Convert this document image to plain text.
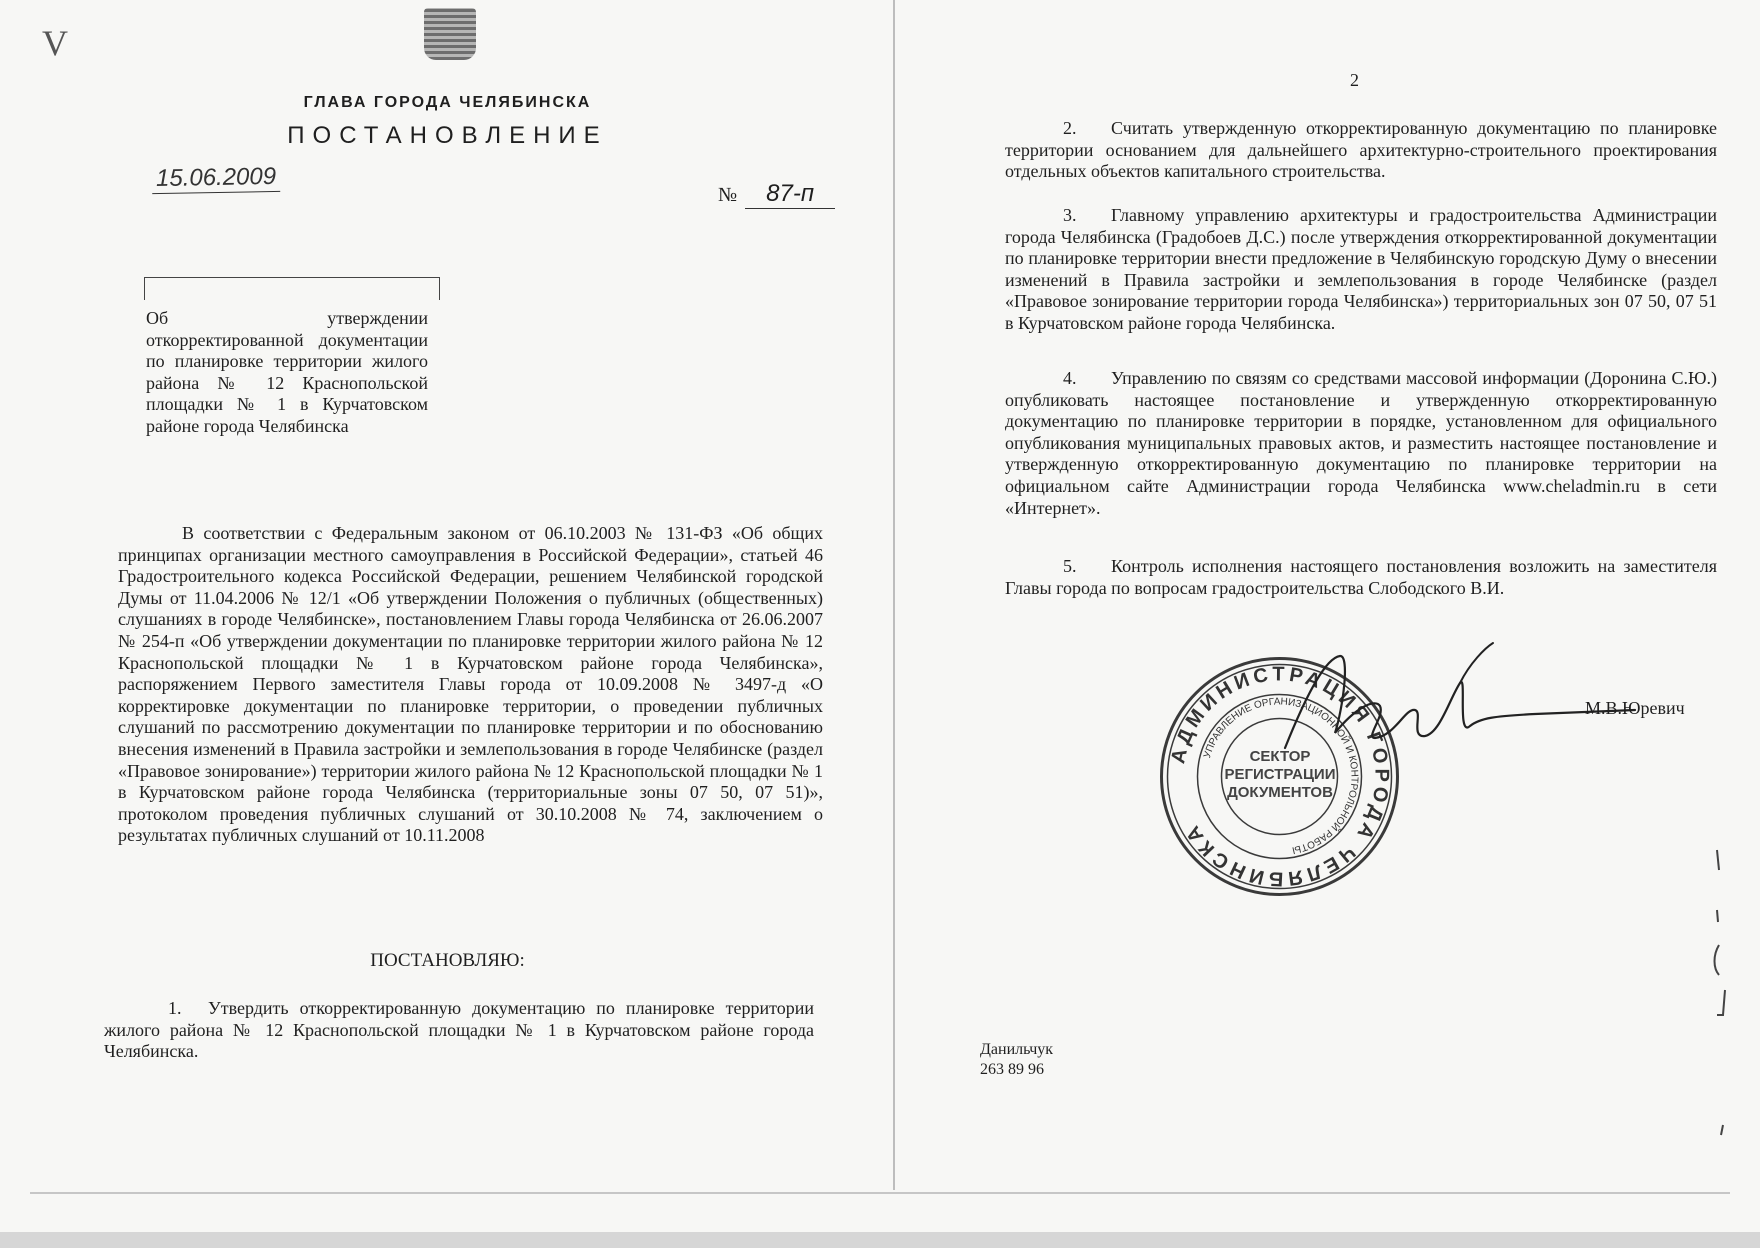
V
ГЛАВА ГОРОДА ЧЕЛЯБИНСКА
ПОСТАНОВЛЕНИЕ
15.06.2009
№ 87-п

Об утверждении откорректированной документации по планировке территории жилого района № 12 Краснопольской площадки № 1 в Курчатовском районе города Челябинска

В соответствии с Федеральным законом от 06.10.2003 № 131-ФЗ «Об общих принципах организации местного самоуправления в Российской Федерации», статьей 46 Градостроительного кодекса Российской Федерации, решением Челябинской городской Думы от 11.04.2006 № 12/1 «Об утверждении Положения о публичных (общественных) слушаниях в городе Челябинске», постановлением Главы города Челябинска от 26.06.2007 № 254-п «Об утверждении документации по планировке территории жилого района № 12 Краснопольской площадки № 1 в Курчатовском районе города Челябинска», распоряжением Первого заместителя Главы города от 10.09.2008 № 3497-д «О корректировке документации по планировке территории, о проведении публичных слушаний по рассмотрению документации по планировке территории и по обоснованию внесения изменений в Правила застройки и землепользования в городе Челябинске (раздел «Правовое зонирование») территории жилого района № 12 Краснопольской площадки № 1 в Курчатовском районе города Челябинска (территориальные зоны 07 50, 07 51)», протоколом проведения публичных слушаний от 30.10.2008 № 74, заключением о результатах публичных слушаний от 10.11.2008

ПОСТАНОВЛЯЮ:

1. Утвердить откорректированную документацию по планировке территории жилого района № 12 Краснопольской площадки № 1 в Курчатовском районе города Челябинска.

2

2. Считать утвержденную откорректированную документацию по планировке территории основанием для дальнейшего архитектурно-строительного проектирования отдельных объектов капитального строительства.

3. Главному управлению архитектуры и градостроительства Администрации города Челябинска (Градобоев Д.С.) после утверждения откорректированной документации по планировке территории внести предложение в Челябинскую городскую Думу о внесении изменений в Правила застройки и землепользования в городе Челябинске (раздел «Правовое зонирование территории города Челябинска») территориальных зон 07 50, 07 51 в Курчатовском районе города Челябинска.

4. Управлению по связям со средствами массовой информации (Доронина С.Ю.) опубликовать настоящее постановление и утвержденную откорректированную документацию по планировке территории в порядке, установленном для официального опубликования муниципальных правовых актов, и разместить настоящее постановление и утвержденную откорректированную документацию по планировке территории на официальном сайте Администрации города Челябинска www.cheladmin.ru в сети «Интернет».

5. Контроль исполнения настоящего постановления возложить на заместителя Главы города по вопросам градостроительства Слободского В.И.

АДМИНИСТРАЦИЯ ГОРОДА ЧЕЛЯБИНСКА
УПРАВЛЕНИЕ ОРГАНИЗАЦИОННОЙ И КОНТРОЛЬНОЙ РАБОТЫ
СЕКТОР РЕГИСТРАЦИИ ДОКУМЕНТОВ
М.В.Юревич
Данильчук
263 89 96
